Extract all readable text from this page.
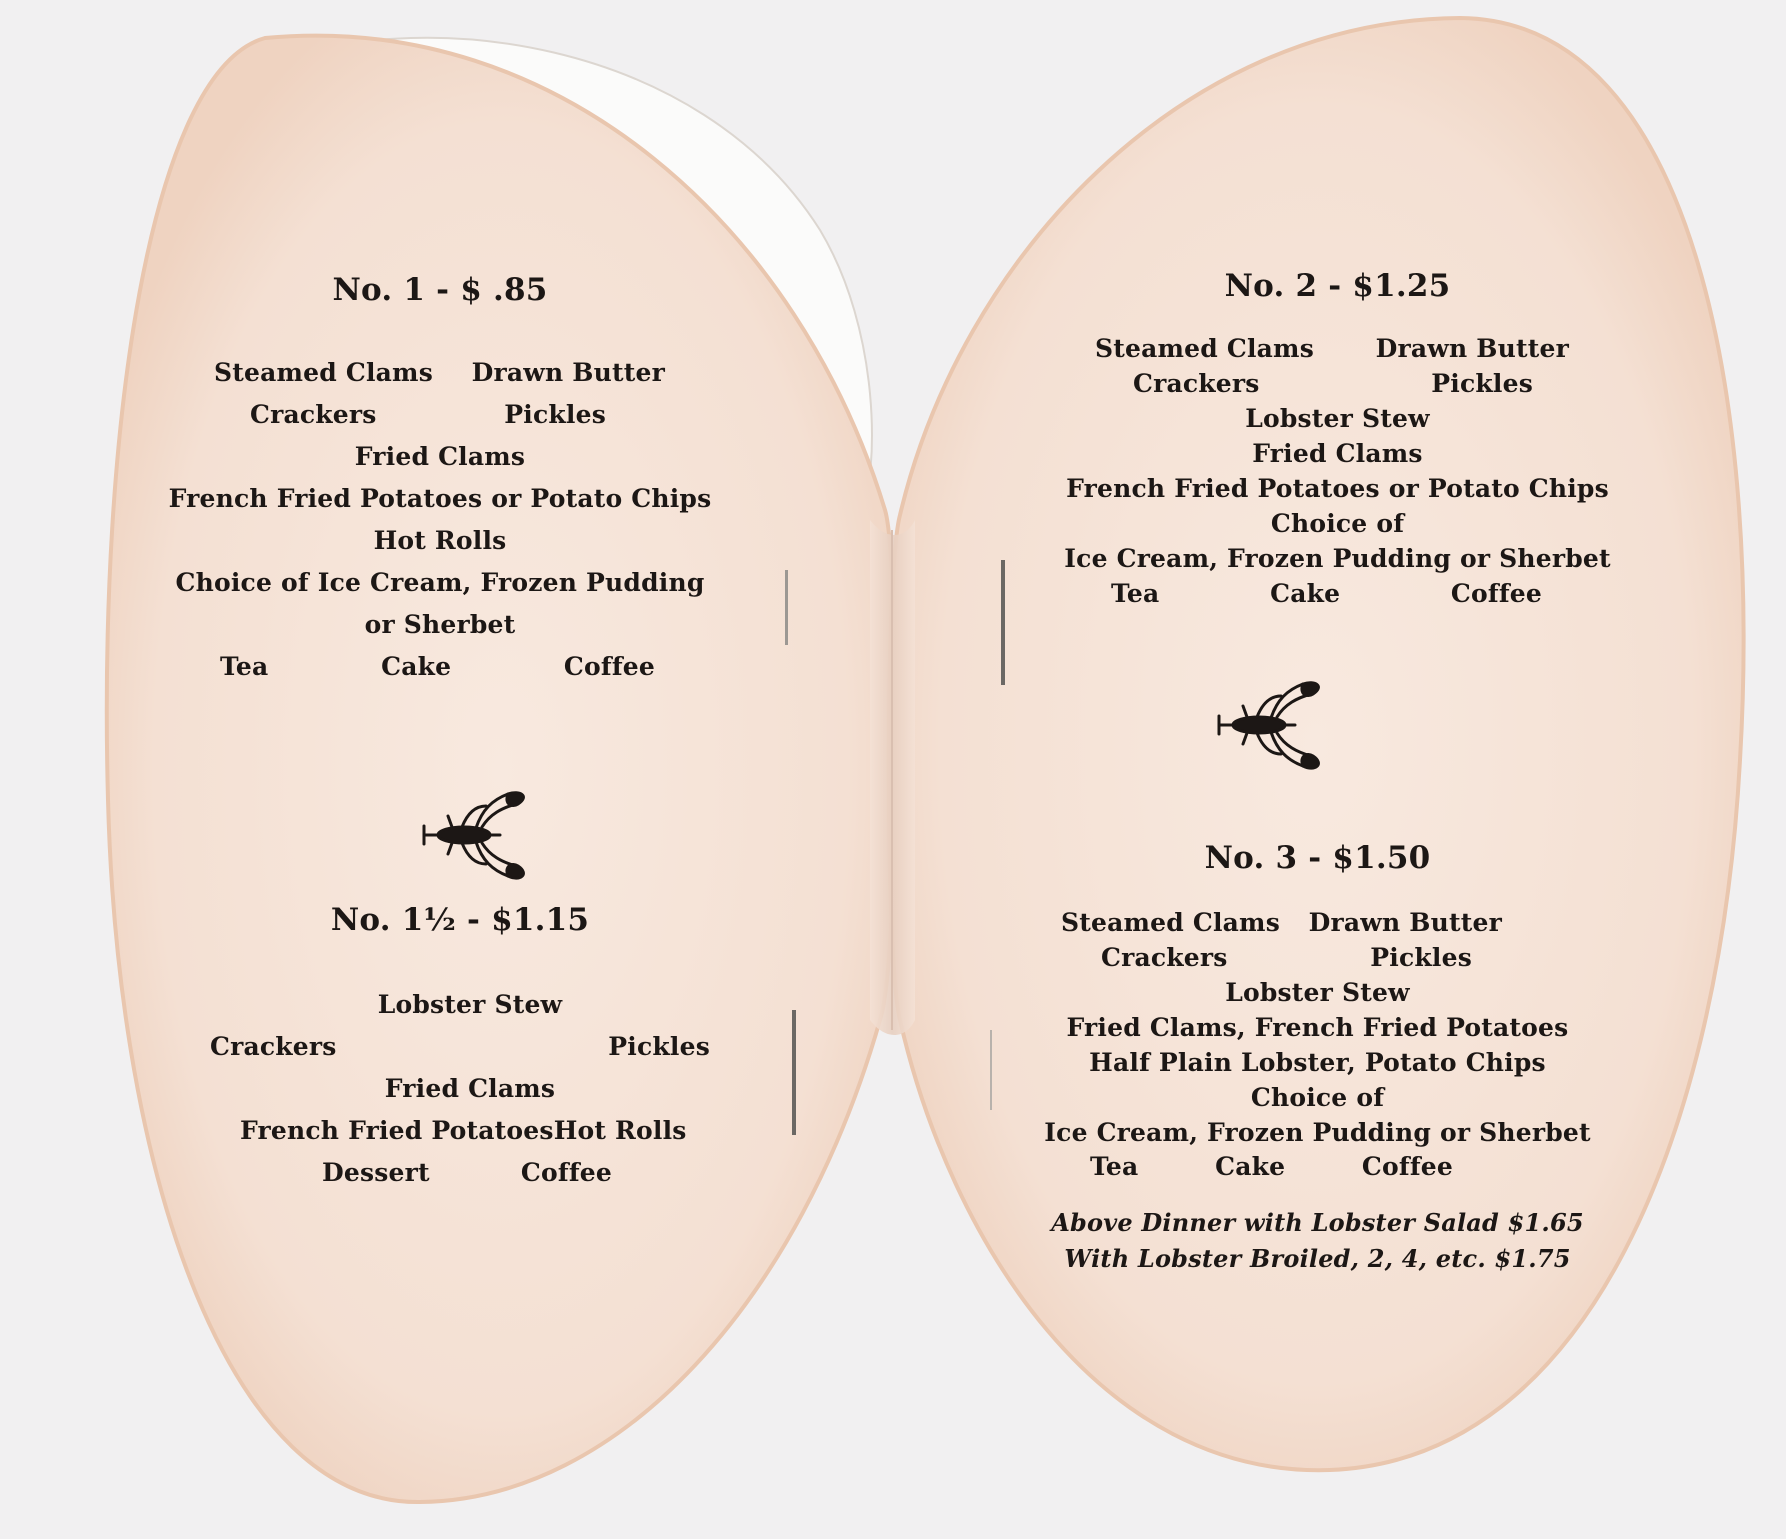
No. 1 - $ .85
Steamed Clams Drawn Butter
Crackers	Pickles
Fried Clams
French Fried Potatoes or Potato Chips
Hot Rolls
Choice of Ice Cream, Frozen Pudding
or Sherbet
Tea	Cake	Coffee
No. 1½ - $1.15
Lobster Stew
Crackers	Pickles
Fried Clams
French Fried Potatoes Hot Rolls
Dessert	Coffee
No. 2 - $1.25
Steamed Clams Drawn Butter
Crackers	Pickles
Lobster Stew
Fried Clams
French Fried Potatoes or Potato Chips
Choice of
Ice Cream, Frozen Pudding or Sherbet
Tea	Cake	Coffee
No. 3 - $1.50
Steamed Clams Drawn Butter
Crackers	Pickles
Lobster Stew
Fried Clams, French Fried Potatoes
Half Plain Lobster, Potato Chips
Choice of
Ice Cream, Frozen Pudding or Sherbet
Tea	Cake	Coffee
Above Dinner with Lobster Salad $1.65
With Lobster Broiled, 2, 4, etc. $1.75
